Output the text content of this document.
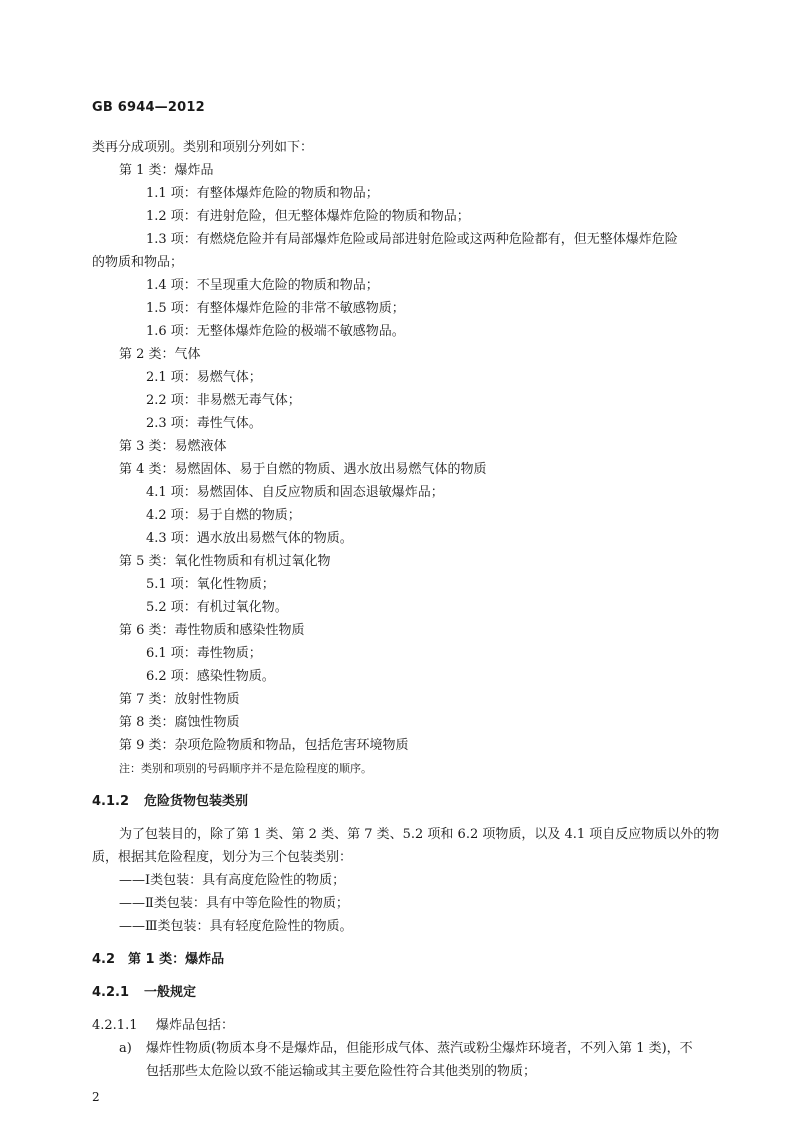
GB 6944—2012
类再分成项别。类别和项别分列如下：
第 1 类：爆炸品
1.1 项：有整体爆炸危险的物质和物品；
1.2 项：有进射危险，但无整体爆炸危险的物质和物品；
1.3 项：有燃烧危险并有局部爆炸危险或局部进射危险或这两种危险都有，但无整体爆炸危险
的物质和物品；
1.4 项：不呈现重大危险的物质和物品；
1.5 项：有整体爆炸危险的非常不敏感物质；
1.6 项：无整体爆炸危险的极端不敏感物品。
第 2 类：气体
2.1 项：易燃气体；
2.2 项：非易燃无毒气体；
2.3 项：毒性气体。
第 3 类：易燃液体
第 4 类：易燃固体、易于自燃的物质、遇水放出易燃气体的物质
4.1 项：易燃固体、自反应物质和固态退敏爆炸品；
4.2 项：易于自燃的物质；
4.3 项：遇水放出易燃气体的物质。
第 5 类：氧化性物质和有机过氧化物
5.1 项：氧化性物质；
5.2 项：有机过氧化物。
第 6 类：毒性物质和感染性物质
6.1 项：毒性物质；
6.2 项：感染性物质。
第 7 类：放射性物质
第 8 类：腐蚀性物质
第 9 类：杂项危险物质和物品，包括危害环境物质
注：类别和项别的号码顺序并不是危险程度的顺序。
4.1.2 危险货物包装类别
为了包装目的，除了第 1 类、第 2 类、第 7 类、5.2 项和 6.2 项物质，以及 4.1 项自反应物质以外的物
质，根据其危险程度，划分为三个包装类别：
——Ⅰ类包装：具有高度危险性的物质；
——Ⅱ类包装：具有中等危险性的物质；
——Ⅲ类包装：具有轻度危险性的物质。
4.2 第 1 类：爆炸品
4.2.1 一般规定
4.2.1.1 爆炸品包括：
a) 爆炸性物质(物质本身不是爆炸品，但能形成气体、蒸汽或粉尘爆炸环境者，不列入第 1 类)，不
包括那些太危险以致不能运输或其主要危险性符合其他类别的物质；
2
